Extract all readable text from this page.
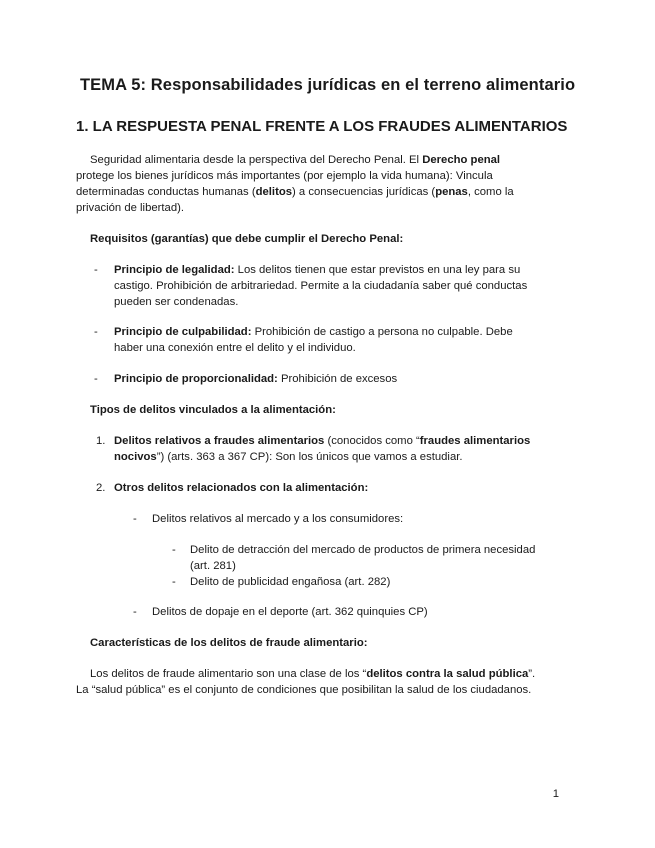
TEMA 5: Responsabilidades jurídicas en el terreno alimentario
1. LA RESPUESTA PENAL FRENTE A LOS FRAUDES ALIMENTARIOS
Seguridad alimentaria desde la perspectiva del Derecho Penal. El Derecho penal
protege los bienes jurídicos más importantes (por ejemplo la vida humana): Vincula
determinadas conductas humanas (delitos) a consecuencias jurídicas (penas, como la
privación de libertad).
Requisitos (garantías) que debe cumplir el Derecho Penal:
- Principio de legalidad: Los delitos tienen que estar previstos en una ley para su
castigo. Prohibición de arbitrariedad. Permite a la ciudadanía saber qué conductas
pueden ser condenadas.
- Principio de culpabilidad: Prohibición de castigo a persona no culpable. Debe
haber una conexión entre el delito y el individuo.
- Principio de proporcionalidad: Prohibición de excesos
Tipos de delitos vinculados a la alimentación:
1. Delitos relativos a fraudes alimentarios (conocidos como “fraudes alimentarios
nocivos”) (arts. 363 a 367 CP): Son los únicos que vamos a estudiar.
2. Otros delitos relacionados con la alimentación:
- Delitos relativos al mercado y a los consumidores:
- Delito de detracción del mercado de productos de primera necesidad
(art. 281)
- Delito de publicidad engañosa (art. 282)
- Delitos de dopaje en el deporte (art. 362 quinquies CP)
Características de los delitos de fraude alimentario:
Los delitos de fraude alimentario son una clase de los “delitos contra la salud pública”.
La “salud pública” es el conjunto de condiciones que posibilitan la salud de los ciudadanos.
1
